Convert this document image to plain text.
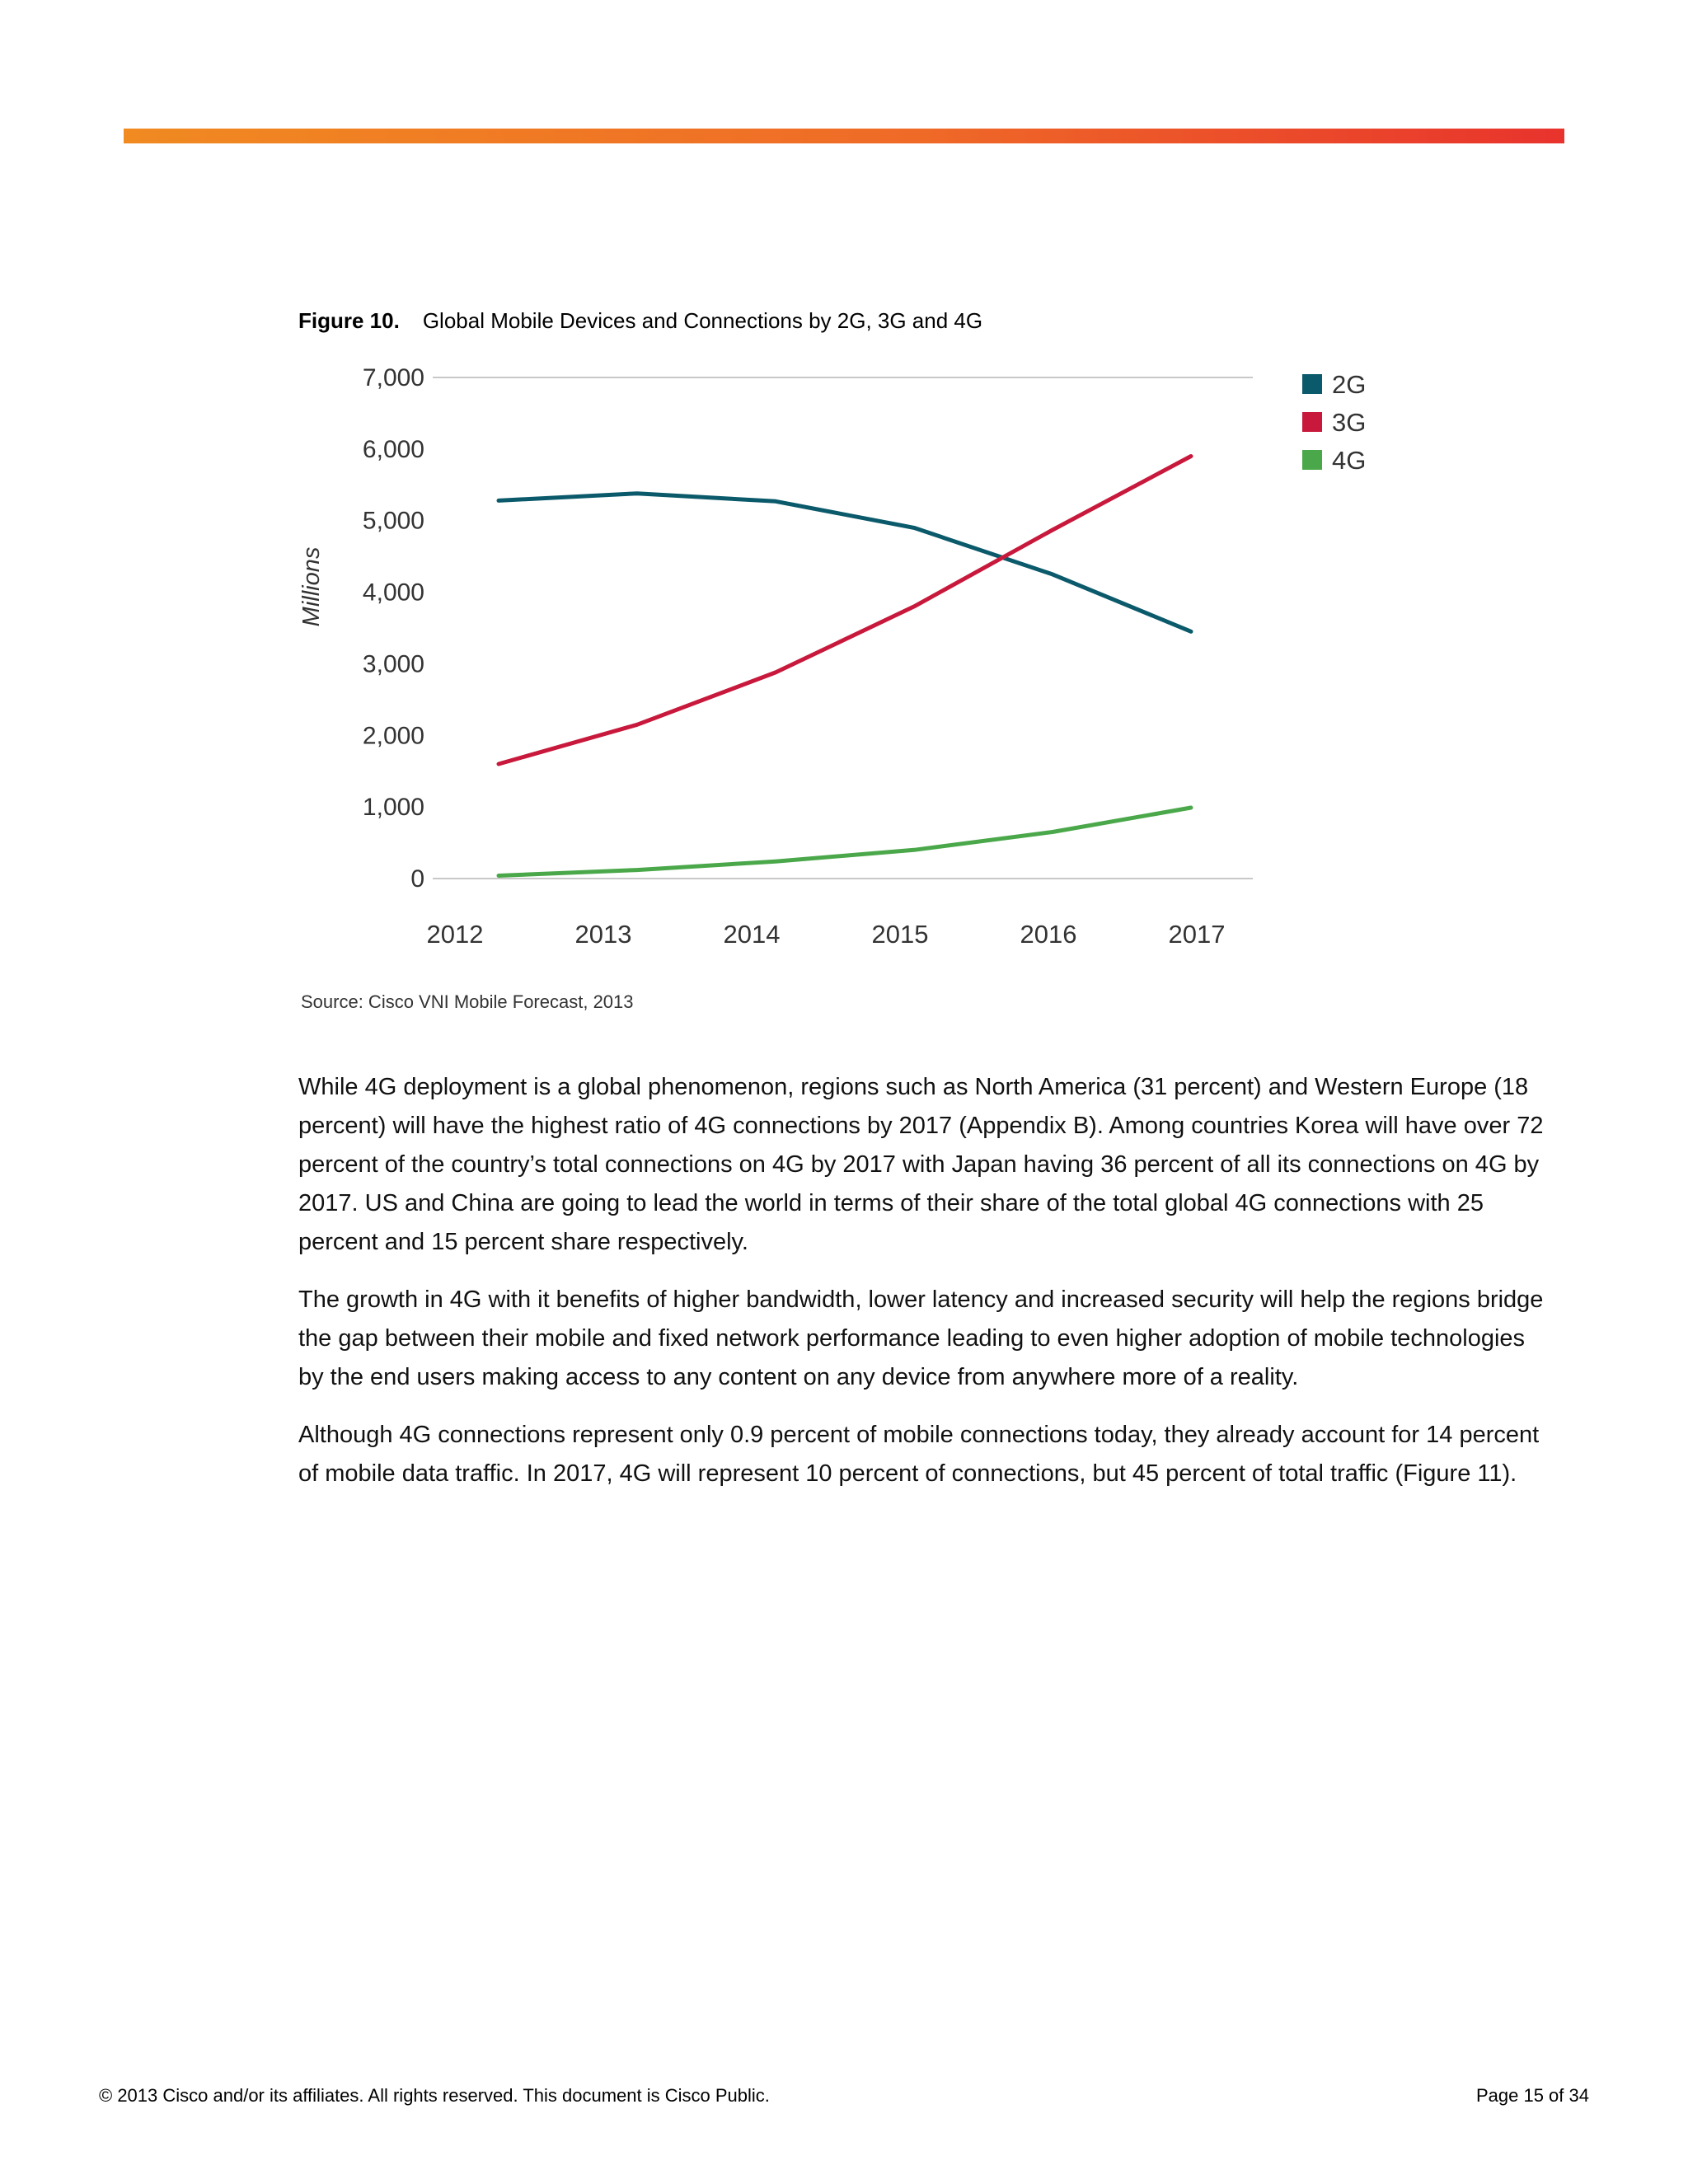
Figure 10. Global Mobile Devices and Connections by 2G, 3G and 4G
0
1,000
2,000
3,000
4,000
5,000
6,000
7,000
Millions
2012	2013	2014	2015	2016	2017
2G
3G
4G
Source: Cisco VNI Mobile Forecast, 2013

While 4G deployment is a global phenomenon, regions such as North America (31 percent) and Western Europe (18 percent) will have the highest ratio of 4G connections by 2017 (Appendix B). Among countries Korea will have over 72 percent of the country’s total connections on 4G by 2017 with Japan having 36 percent of all its connections on 4G by 2017. US and China are going to lead the world in terms of their share of the total global 4G connections with 25 percent and 15 percent share respectively.

The growth in 4G with it benefits of higher bandwidth, lower latency and increased security will help the regions bridge the gap between their mobile and fixed network performance leading to even higher adoption of mobile technologies by the end users making access to any content on any device from anywhere more of a reality.

Although 4G connections represent only 0.9 percent of mobile connections today, they already account for 14 percent of mobile data traffic. In 2017, 4G will represent 10 percent of connections, but 45 percent of total traffic (Figure 11).

© 2013 Cisco and/or its affiliates. All rights reserved. This document is Cisco Public.	Page 15 of 34
